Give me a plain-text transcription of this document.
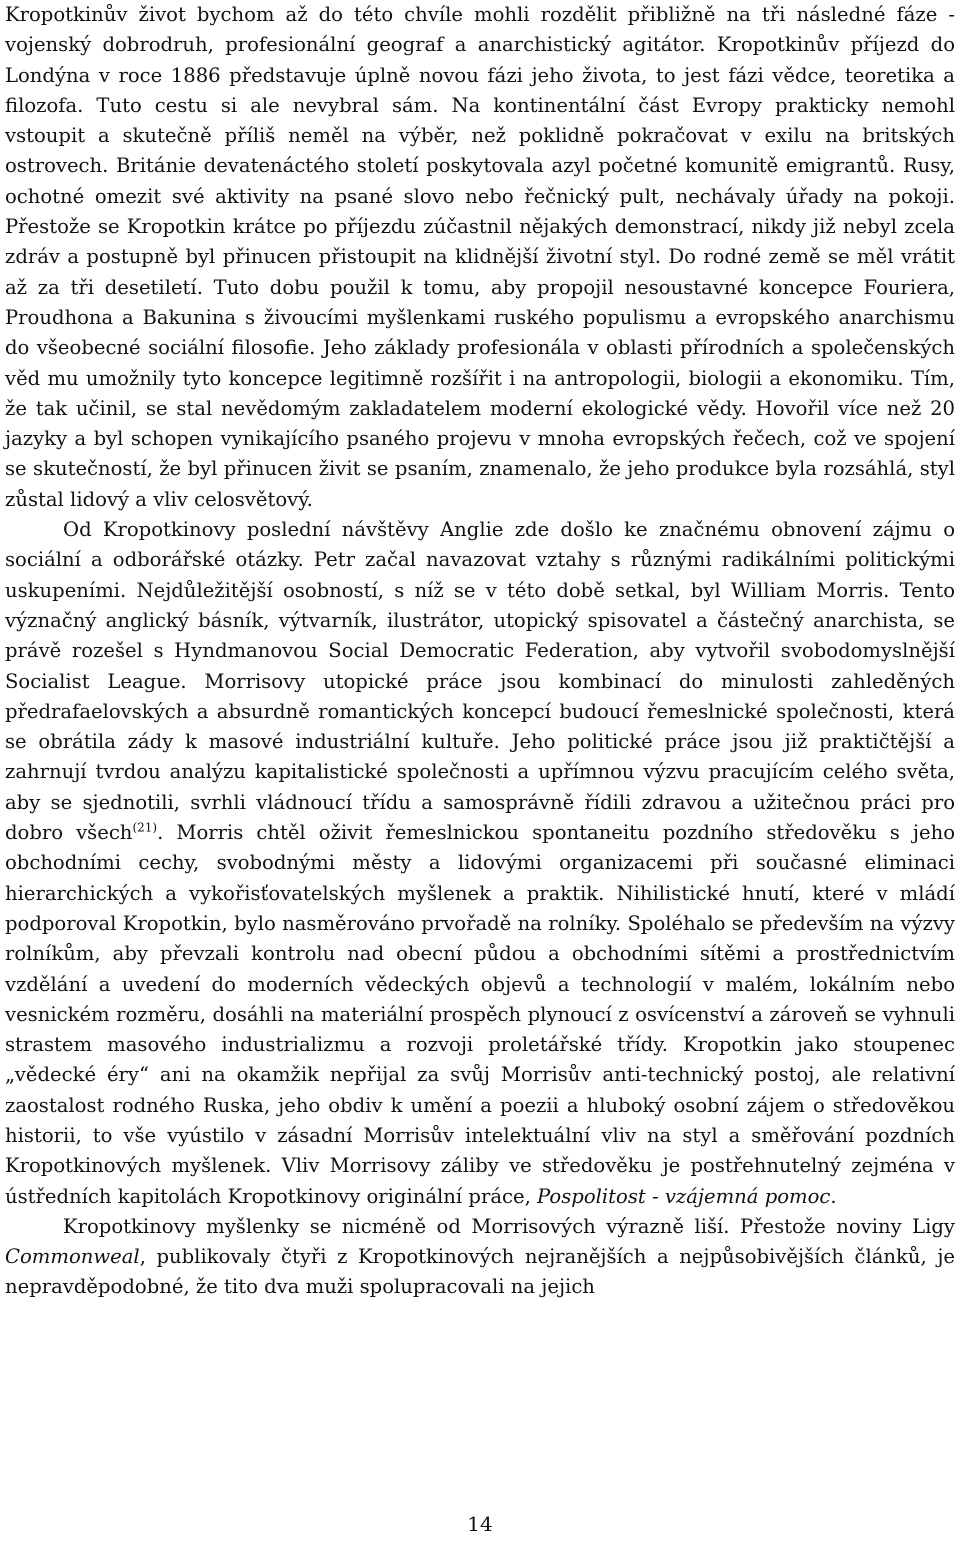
Kropotkinův život bychom až do této chvíle mohli rozdělit přibližně na tři následné fáze - vojenský dobrodruh, profesionální geograf a anarchistický agitátor. Kropotkinův příjezd do Londýna v roce 1886 představuje úplně novou fázi jeho života, to jest fázi vědce, teoretika a filozofa. Tuto cestu si ale nevybral sám. Na kontinentální část Evropy prakticky nemohl vstoupit a skutečně příliš neměl na výběr, než poklidně pokračovat v exilu na britských ostrovech. Británie devatenáctého století poskytovala azyl početné komunitě emigrantů. Rusy, ochotné omezit své aktivity na psané slovo nebo řečnický pult, nechávaly úřady na pokoji. Přestože se Kropotkin krátce po příjezdu zúčastnil nějakých demonstrací, nikdy již nebyl zcela zdráv a postupně byl přinucen přistoupit na klidnější životní styl. Do rodné země se měl vrátit až za tři desetiletí. Tuto dobu použil k tomu, aby propojil nesoustavné koncepce Fouriera, Proudhona a Bakunina s živoucími myšlenkami ruského populismu a evropského anarchismu do všeobecné sociální filosofie. Jeho základy profesionála v oblasti přírodních a společenských věd mu umožnily tyto koncepce legitimně rozšířit i na antropologii, biologii a ekonomiku. Tím, že tak učinil, se stal nevědomým zakladatelem moderní ekologické vědy. Hovořil více než 20 jazyky a byl schopen vynikajícího psaného projevu v mnoha evropských řečech, což ve spojení se skutečností, že byl přinucen živit se psaním, znamenalo, že jeho produkce byla rozsáhlá, styl zůstal lidový a vliv celosvětový.

Od Kropotkinovy poslední návštěvy Anglie zde došlo ke značnému obnovení zájmu o sociální a odborářské otázky. Petr začal navazovat vztahy s různými radikálními politickými uskupeními. Nejdůležitější osobností, s níž se v této době setkal, byl William Morris. Tento význačný anglický básník, výtvarník, ilustrátor, utopický spisovatel a částečný anarchista, se právě rozešel s Hyndmanovou Social Democratic Federation, aby vytvořil svobodomyslnější Socialist League. Morrisovy utopické práce jsou kombinací do minulosti zahleděných předrafaelovských a absurdně romantických koncepcí budoucí řemeslnické společnosti, která se obrátila zády k masové industriální kultuře. Jeho politické práce jsou již praktičtější a zahrnují tvrdou analýzu kapitalistické společnosti a upřímnou výzvu pracujícím celého světa, aby se sjednotili, svrhli vládnoucí třídu a samosprávně řídili zdravou a užitečnou práci pro dobro všech$^{(21)}$. Morris chtěl oživit řemeslnickou spontaneitu pozdního středověku s jeho obchodními cechy, svobodnými městy a lidovými organizacemi při současné eliminaci hierarchických a vykořisťovatelských myšlenek a praktik. Nihilistické hnutí, které v mládí podporoval Kropotkin, bylo nasměrováno prvořadě na rolníky. Spoléhalo se především na výzvy rolníkům, aby převzali kontrolu nad obecní půdou a obchodními sítěmi a prostřednictvím vzdělání a uvedení do moderních vědeckých objevů a technologií v malém, lokálním nebo vesnickém rozměru, dosáhli na materiální prospěch plynoucí z osvícenství a zároveň se vyhnuli strastem masového industrializmu a rozvoji proletářské třídy. Kropotkin jako stoupenec „vědecké éry“ ani na okamžik nepřijal za svůj Morrisův anti-technický postoj, ale relativní zaostalost rodného Ruska, jeho obdiv k umění a poezii a hluboký osobní zájem o středověkou historii, to vše vyústilo v zásadní Morrisův intelektuální vliv na styl a směřování pozdních Kropotkinových myšlenek. Vliv Morrisovy záliby ve středověku je postřehnutelný zejména v ústředních kapitolách Kropotkinovy originální práce, Pospolitost - vzájemná pomoc.

Kropotkinovy myšlenky se nicméně od Morrisových výrazně liší. Přestože noviny Ligy Commonweal, publikovaly čtyři z Kropotkinových nejranějších a nejpůsobivějších článků, je nepravděpodobné, že tito dva muži spolupracovali na jejich

14
